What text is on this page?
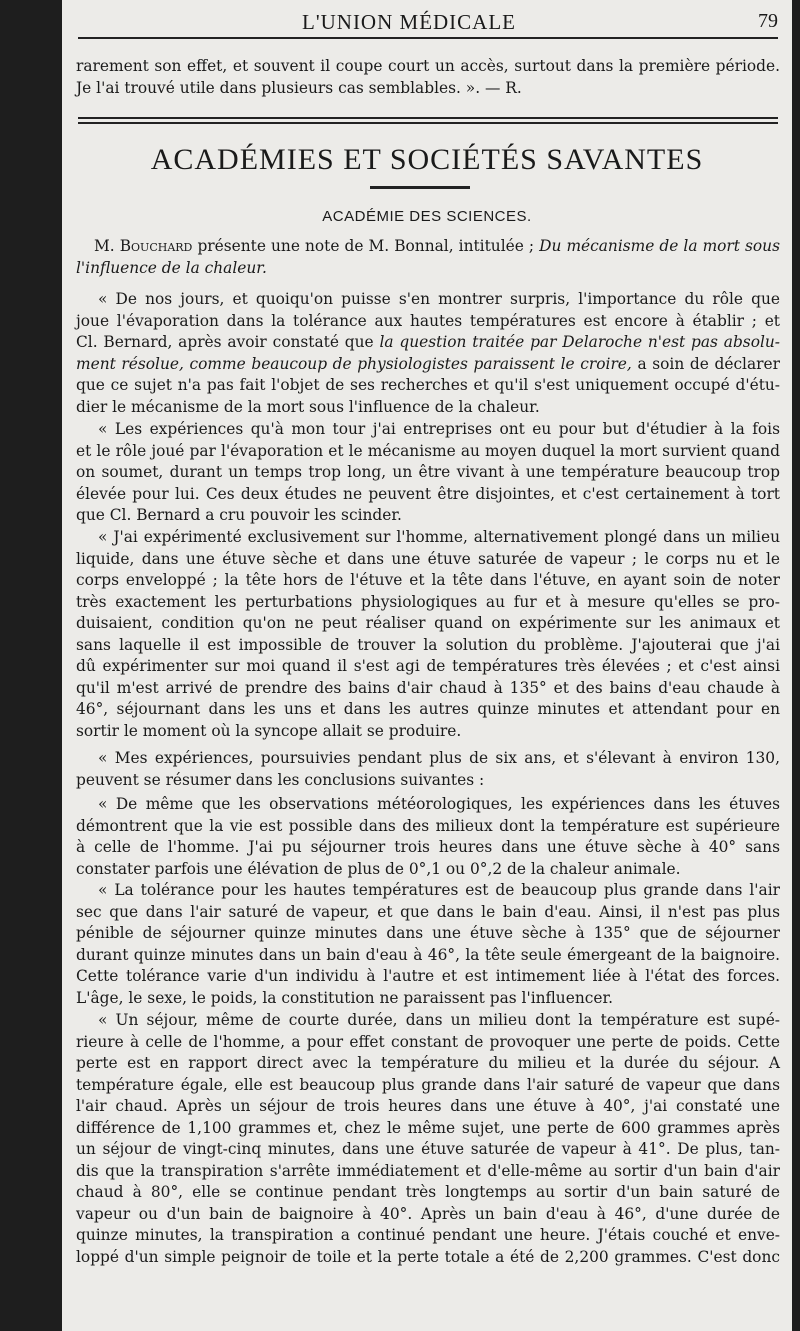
L'UNION MÉDICALE	79
rarement son effet, et souvent il coupe court un accès, surtout dans la première période.
Je l'ai trouvé utile dans plusieurs cas semblables. ». — R.
ACADÉMIES ET SOCIÉTÉS SAVANTES
ACADÉMIE DES SCIENCES.
M. Bouchard présente une note de M. Bonnal, intitulée ; Du mécanisme de la mort sous
l'influence de la chaleur.
« De nos jours, et quoiqu'on puisse s'en montrer surpris, l'importance du rôle que
joue l'évaporation dans la tolérance aux hautes températures est encore à établir ; et
Cl. Bernard, après avoir constaté que la question traitée par Delaroche n'est pas absolu-
ment résolue, comme beaucoup de physiologistes paraissent le croire, a soin de déclarer
que ce sujet n'a pas fait l'objet de ses recherches et qu'il s'est uniquement occupé d'étu-
dier le mécanisme de la mort sous l'influence de la chaleur.
« Les expériences qu'à mon tour j'ai entreprises ont eu pour but d'étudier à la fois
et le rôle joué par l'évaporation et le mécanisme au moyen duquel la mort survient quand
on soumet, durant un temps trop long, un être vivant à une température beaucoup trop
élevée pour lui. Ces deux études ne peuvent être disjointes, et c'est certainement à tort
que Cl. Bernard a cru pouvoir les scinder.
« J'ai expérimenté exclusivement sur l'homme, alternativement plongé dans un milieu
liquide, dans une étuve sèche et dans une étuve saturée de vapeur ; le corps nu et le
corps enveloppé ; la tête hors de l'étuve et la tête dans l'étuve, en ayant soin de noter
très exactement les perturbations physiologiques au fur et à mesure qu'elles se pro-
duisaient, condition qu'on ne peut réaliser quand on expérimente sur les animaux et
sans laquelle il est impossible de trouver la solution du problème. J'ajouterai que j'ai
dû expérimenter sur moi quand il s'est agi de températures très élevées ; et c'est ainsi
qu'il m'est arrivé de prendre des bains d'air chaud à 135° et des bains d'eau chaude à
46°, séjournant dans les uns et dans les autres quinze minutes et attendant pour en
sortir le moment où la syncope allait se produire.
« Mes expériences, poursuivies pendant plus de six ans, et s'élevant à environ 130,
peuvent se résumer dans les conclusions suivantes :
« De même que les observations météorologiques, les expériences dans les étuves
démontrent que la vie est possible dans des milieux dont la température est supérieure
à celle de l'homme. J'ai pu séjourner trois heures dans une étuve sèche à 40° sans
constater parfois une élévation de plus de 0°,1 ou 0°,2 de la chaleur animale.
« La tolérance pour les hautes températures est de beaucoup plus grande dans l'air
sec que dans l'air saturé de vapeur, et que dans le bain d'eau. Ainsi, il n'est pas plus
pénible de séjourner quinze minutes dans une étuve sèche à 135° que de séjourner
durant quinze minutes dans un bain d'eau à 46°, la tête seule émergeant de la baignoire.
Cette tolérance varie d'un individu à l'autre et est intimement liée à l'état des forces.
L'âge, le sexe, le poids, la constitution ne paraissent pas l'influencer.
« Un séjour, même de courte durée, dans un milieu dont la température est supé-
rieure à celle de l'homme, a pour effet constant de provoquer une perte de poids. Cette
perte est en rapport direct avec la température du milieu et la durée du séjour. A
température égale, elle est beaucoup plus grande dans l'air saturé de vapeur que dans
l'air chaud. Après un séjour de trois heures dans une étuve à 40°, j'ai constaté une
différence de 1,100 grammes et, chez le même sujet, une perte de 600 grammes après
un séjour de vingt-cinq minutes, dans une étuve saturée de vapeur à 41°. De plus, tan-
dis que la transpiration s'arrête immédiatement et d'elle-même au sortir d'un bain d'air
chaud à 80°, elle se continue pendant très longtemps au sortir d'un bain saturé de
vapeur ou d'un bain de baignoire à 40°. Après un bain d'eau à 46°, d'une durée de
quinze minutes, la transpiration a continué pendant une heure. J'étais couché et enve-
loppé d'un simple peignoir de toile et la perte totale a été de 2,200 grammes. C'est donc
